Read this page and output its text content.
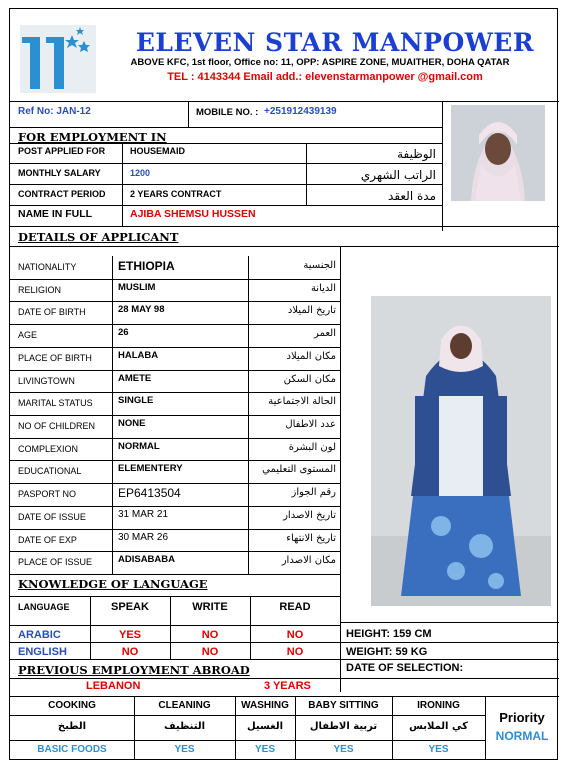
ELEVEN STAR MANPOWER
ABOVE KFC, 1st floor, Office no: 11, OPP: ASPIRE ZONE, MUAITHER, DOHA QATAR
TEL : 4143344 Email add.: elevenstarmanpower @gmail.com
Ref No: JAN-12	MOBILE NO. : +251912439139
FOR EMPLOYMENT IN
POST APPLIED FOR	HOUSEMAID	الوظيفة
MONTHLY SALARY	1200	الراتب الشهري
CONTRACT PERIOD	2 YEARS CONTRACT	مدة العقد
NAME IN FULL	AJIBA SHEMSU HUSSEN
DETAILS OF APPLICANT
NATIONALITY	ETHIOPIA	الجنسية
RELIGION	MUSLIM	الديانة
DATE OF BIRTH	28 MAY 98	تاريخ الميلاد
AGE	26	العمر
PLACE OF BIRTH	HALABA	مكان الميلاد
LIVINGTOWN	AMETE	مكان السكن
MARITAL STATUS	SINGLE	الحالة الاجتماعية
NO OF CHILDREN NONE	عدد الاطفال
COMPLEXION	NORMAL	لون البشرة
EDUCATIONAL	ELEMENTERY	المستوى التعليمي
PASPORT NO	EP6413504	رقم الجواز
DATE OF ISSUE	31 MAR 21	تاريخ الاصدار
DATE OF EXP	30 MAR 26	تاريخ الانتهاء
PLACE OF ISSUE	ADISABABA	مكان الاصدار
KNOWLEDGE OF LANGUAGE
LANGUAGE	SPEAK	WRITE	READ
ARABIC	YES	NO	NO
ENGLISH	NO	NO	NO
HEIGHT: 159 CM
WEIGHT: 59 KG
DATE OF SELECTION:
PREVIOUS EMPLOYMENT ABROAD
LEBANON	3 YEARS
COOKING	CLEANING	WASHING	BABY SITTING	IRONING
الطبخ	التنظيف	الغسيل	تربية الاطفال	كي الملابس
BASIC FOODS	YES	YES	YES	YES
Priority
NORMAL
